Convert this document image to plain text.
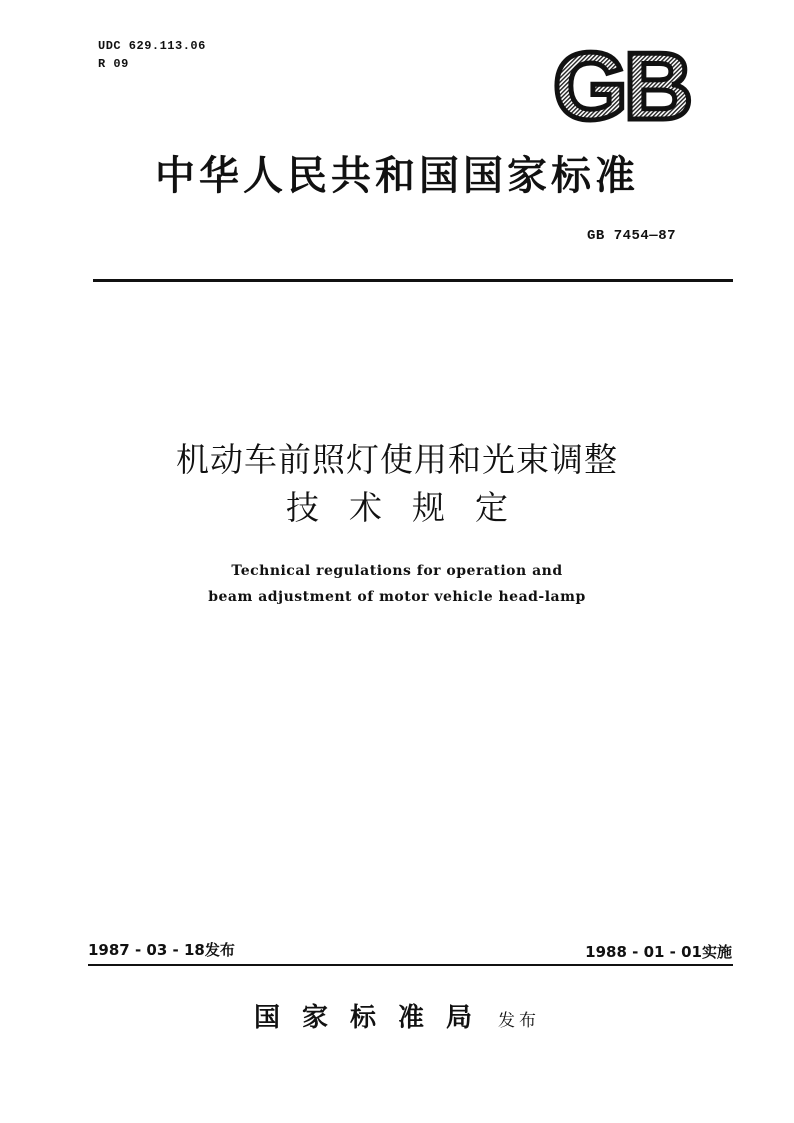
UDC 629.113.06
R 09	GB
中华人民共和国国家标准
GB 7454—87
机动车前照灯使用和光束调整
技术规定
Technical regulations for operation and
beam adjustment of motor vehicle head-lamp
1987 - 03 - 18发布	1988 - 01 - 01实施
国家标准局 发布
